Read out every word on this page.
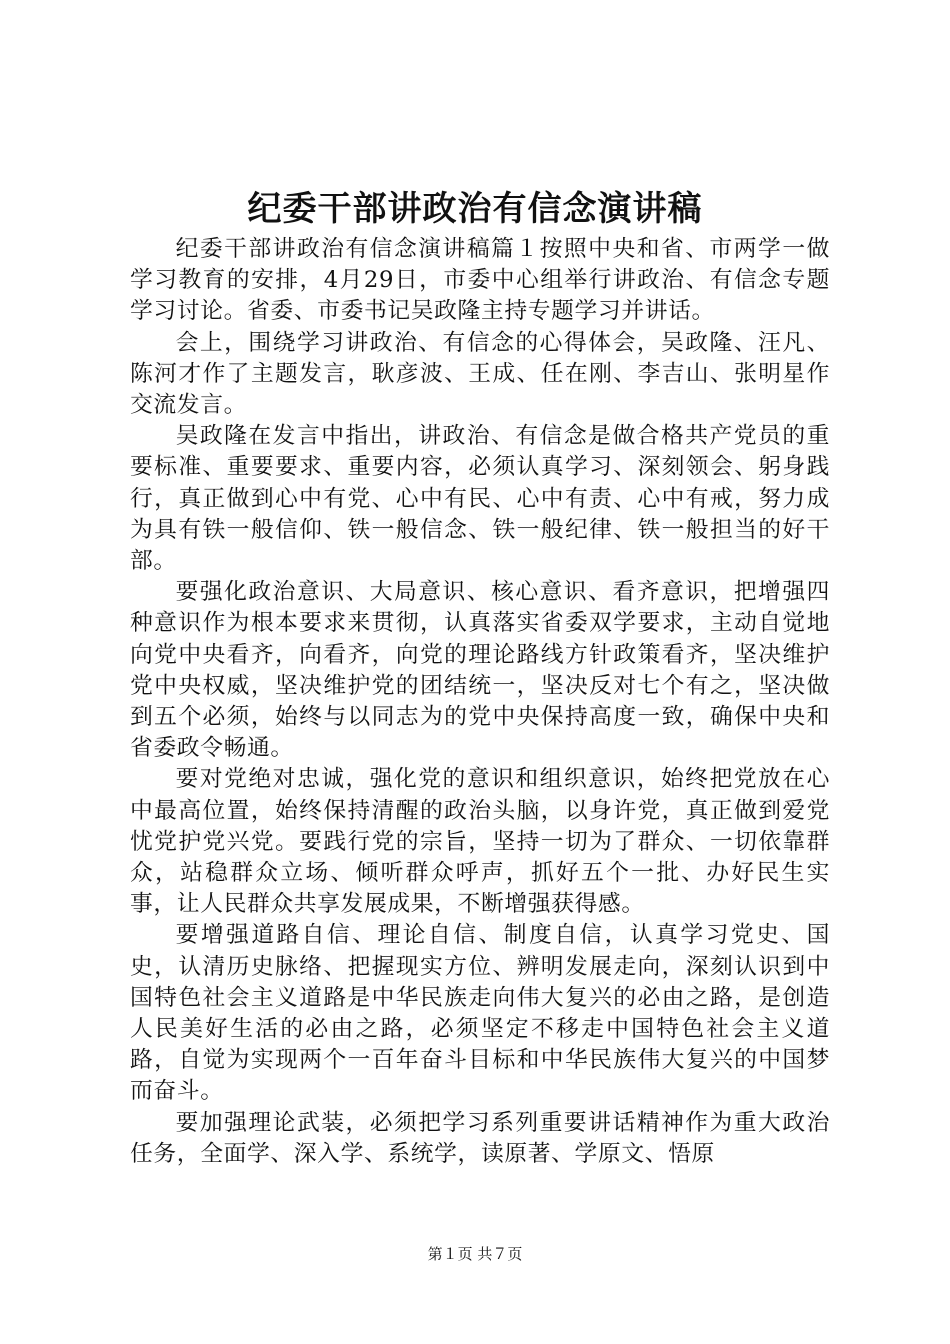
纪委干部讲政治有信念演讲稿

纪委干部讲政治有信念演讲稿篇１按照中央和省、市两学一做学习教育的安排，4月29日，市委中心组举行讲政治、有信念专题学习讨论。省委、市委书记吴政隆主持专题学习并讲话。

会上，围绕学习讲政治、有信念的心得体会，吴政隆、汪凡、陈河才作了主题发言，耿彦波、王成、任在刚、李吉山、张明星作交流发言。

吴政隆在发言中指出，讲政治、有信念是做合格共产党员的重要标准、重要要求、重要内容，必须认真学习、深刻领会、躬身践行，真正做到心中有党、心中有民、心中有责、心中有戒，努力成为具有铁一般信仰、铁一般信念、铁一般纪律、铁一般担当的好干部。

要强化政治意识、大局意识、核心意识、看齐意识，把增强四种意识作为根本要求来贯彻，认真落实省委双学要求，主动自觉地向党中央看齐，向看齐，向党的理论路线方针政策看齐，坚决维护党中央权威，坚决维护党的团结统一，坚决反对七个有之，坚决做到五个必须，始终与以同志为的党中央保持高度一致，确保中央和省委政令畅通。

要对党绝对忠诚，强化党的意识和组织意识，始终把党放在心中最高位置，始终保持清醒的政治头脑，以身许党，真正做到爱党忧党护党兴党。要践行党的宗旨，坚持一切为了群众、一切依靠群众，站稳群众立场、倾听群众呼声，抓好五个一批、办好民生实事，让人民群众共享发展成果，不断增强获得感。

要增强道路自信、理论自信、制度自信，认真学习党史、国史，认清历史脉络、把握现实方位、辨明发展走向，深刻认识到中国特色社会主义道路是中华民族走向伟大复兴的必由之路，是创造人民美好生活的必由之路，必须坚定不移走中国特色社会主义道路，自觉为实现两个一百年奋斗目标和中华民族伟大复兴的中国梦而奋斗。

要加强理论武装，必须把学习系列重要讲话精神作为重大政治任务，全面学、深入学、系统学，读原著、学原文、悟原

第１页 共７页
